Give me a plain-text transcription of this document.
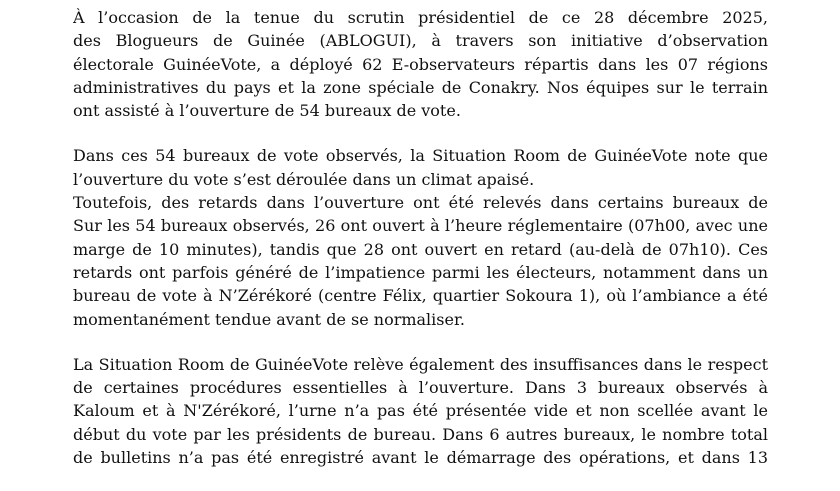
À l’occasion de la tenue du scrutin présidentiel de ce 28 décembre 2025,
des Blogueurs de Guinée (ABLOGUI), à travers son initiative d’observation
électorale GuinéeVote, a déployé 62 E-observateurs répartis dans les 07 régions
administratives du pays et la zone spéciale de Conakry. Nos équipes sur le terrain
ont assisté à l’ouverture de 54 bureaux de vote.
Dans ces 54 bureaux de vote observés, la Situation Room de GuinéeVote note que
l’ouverture du vote s’est déroulée dans un climat apaisé.
Toutefois, des retards dans l’ouverture ont été relevés dans certains bureaux de
Sur les 54 bureaux observés, 26 ont ouvert à l’heure réglementaire (07h00, avec une
marge de 10 minutes), tandis que 28 ont ouvert en retard (au-delà de 07h10). Ces
retards ont parfois généré de l’impatience parmi les électeurs, notamment dans un
bureau de vote à N’Zérékoré (centre Félix, quartier Sokoura 1), où l’ambiance a été
momentanément tendue avant de se normaliser.
La Situation Room de GuinéeVote relève également des insuffisances dans le respect
de certaines procédures essentielles à l’ouverture. Dans 3 bureaux observés à
Kaloum et à N'Zérékoré, l’urne n’a pas été présentée vide et non scellée avant le
début du vote par les présidents de bureau. Dans 6 autres bureaux, le nombre total
de bulletins n’a pas été enregistré avant le démarrage des opérations, et dans 13
